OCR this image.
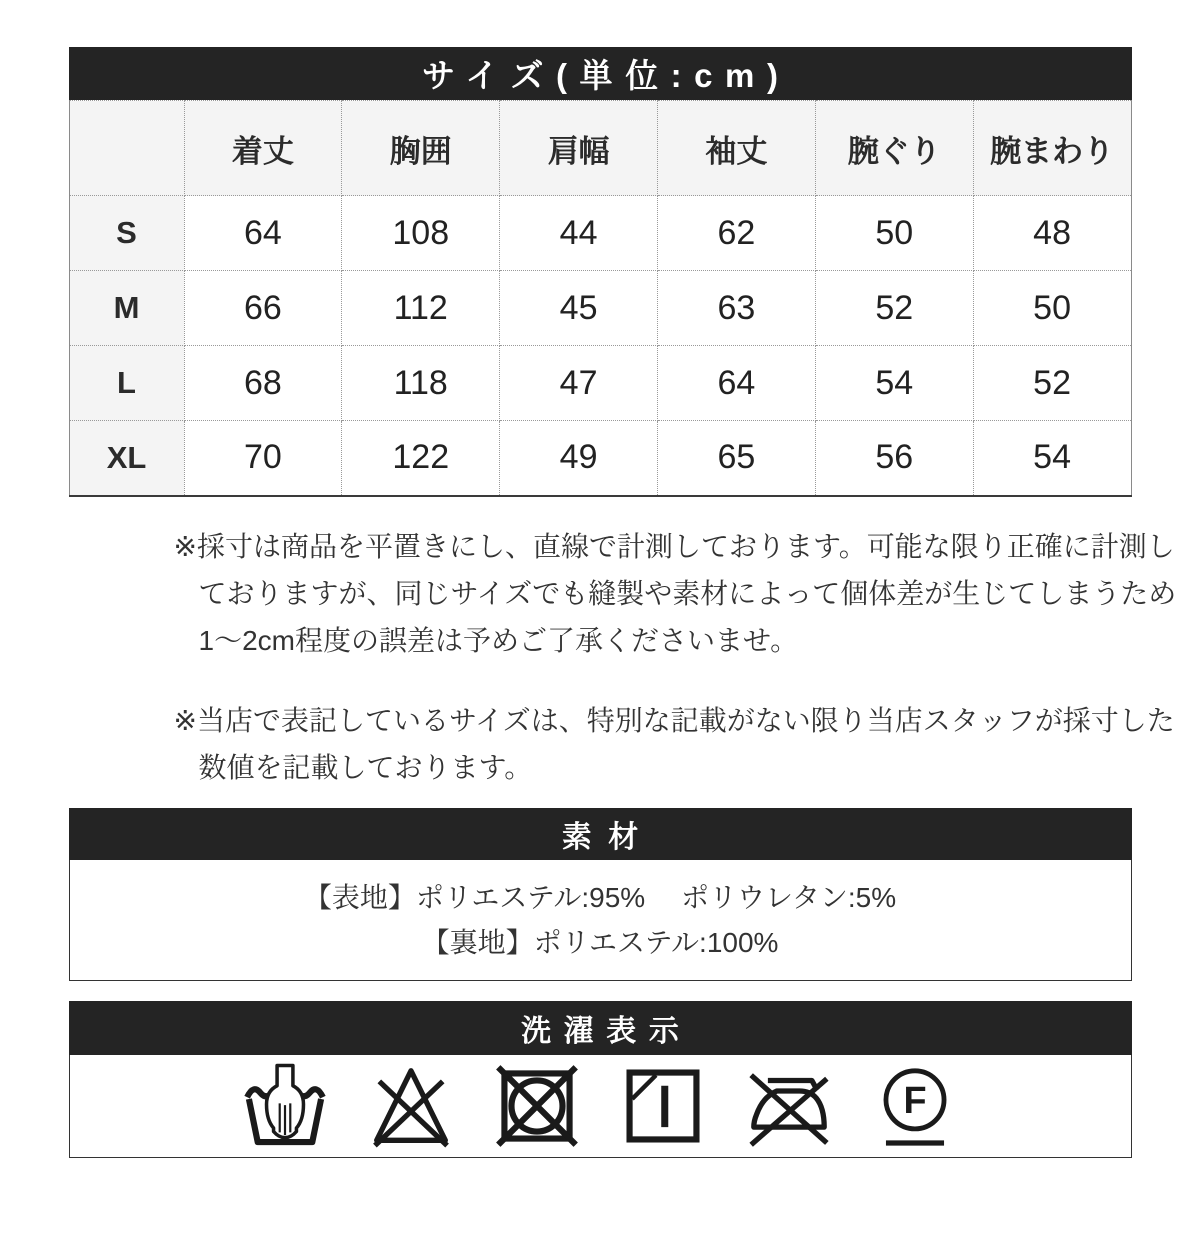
サイズ(単位:cm)
	着丈	胸囲	肩幅	袖丈	腕ぐり	腕まわり
S	64	108	44	62	50	48
M	66	112	45	63	52	50
L	68	118	47	64	54	52
XL	70	122	49	65	56	54
※採寸は商品を平置きにし、直線で計測しております。可能な限り正確に計測し
ておりますが、同じサイズでも縫製や素材によって個体差が生じてしまうため
1〜2cm程度の誤差は予めご了承くださいませ。
※当店で表記しているサイズは、特別な記載がない限り当店スタッフが採寸した
数値を記載しております。
素材
【表地】ポリエステル:95%　 ポリウレタン:5%
【裏地】ポリエステル:100%
洗濯表示
F
